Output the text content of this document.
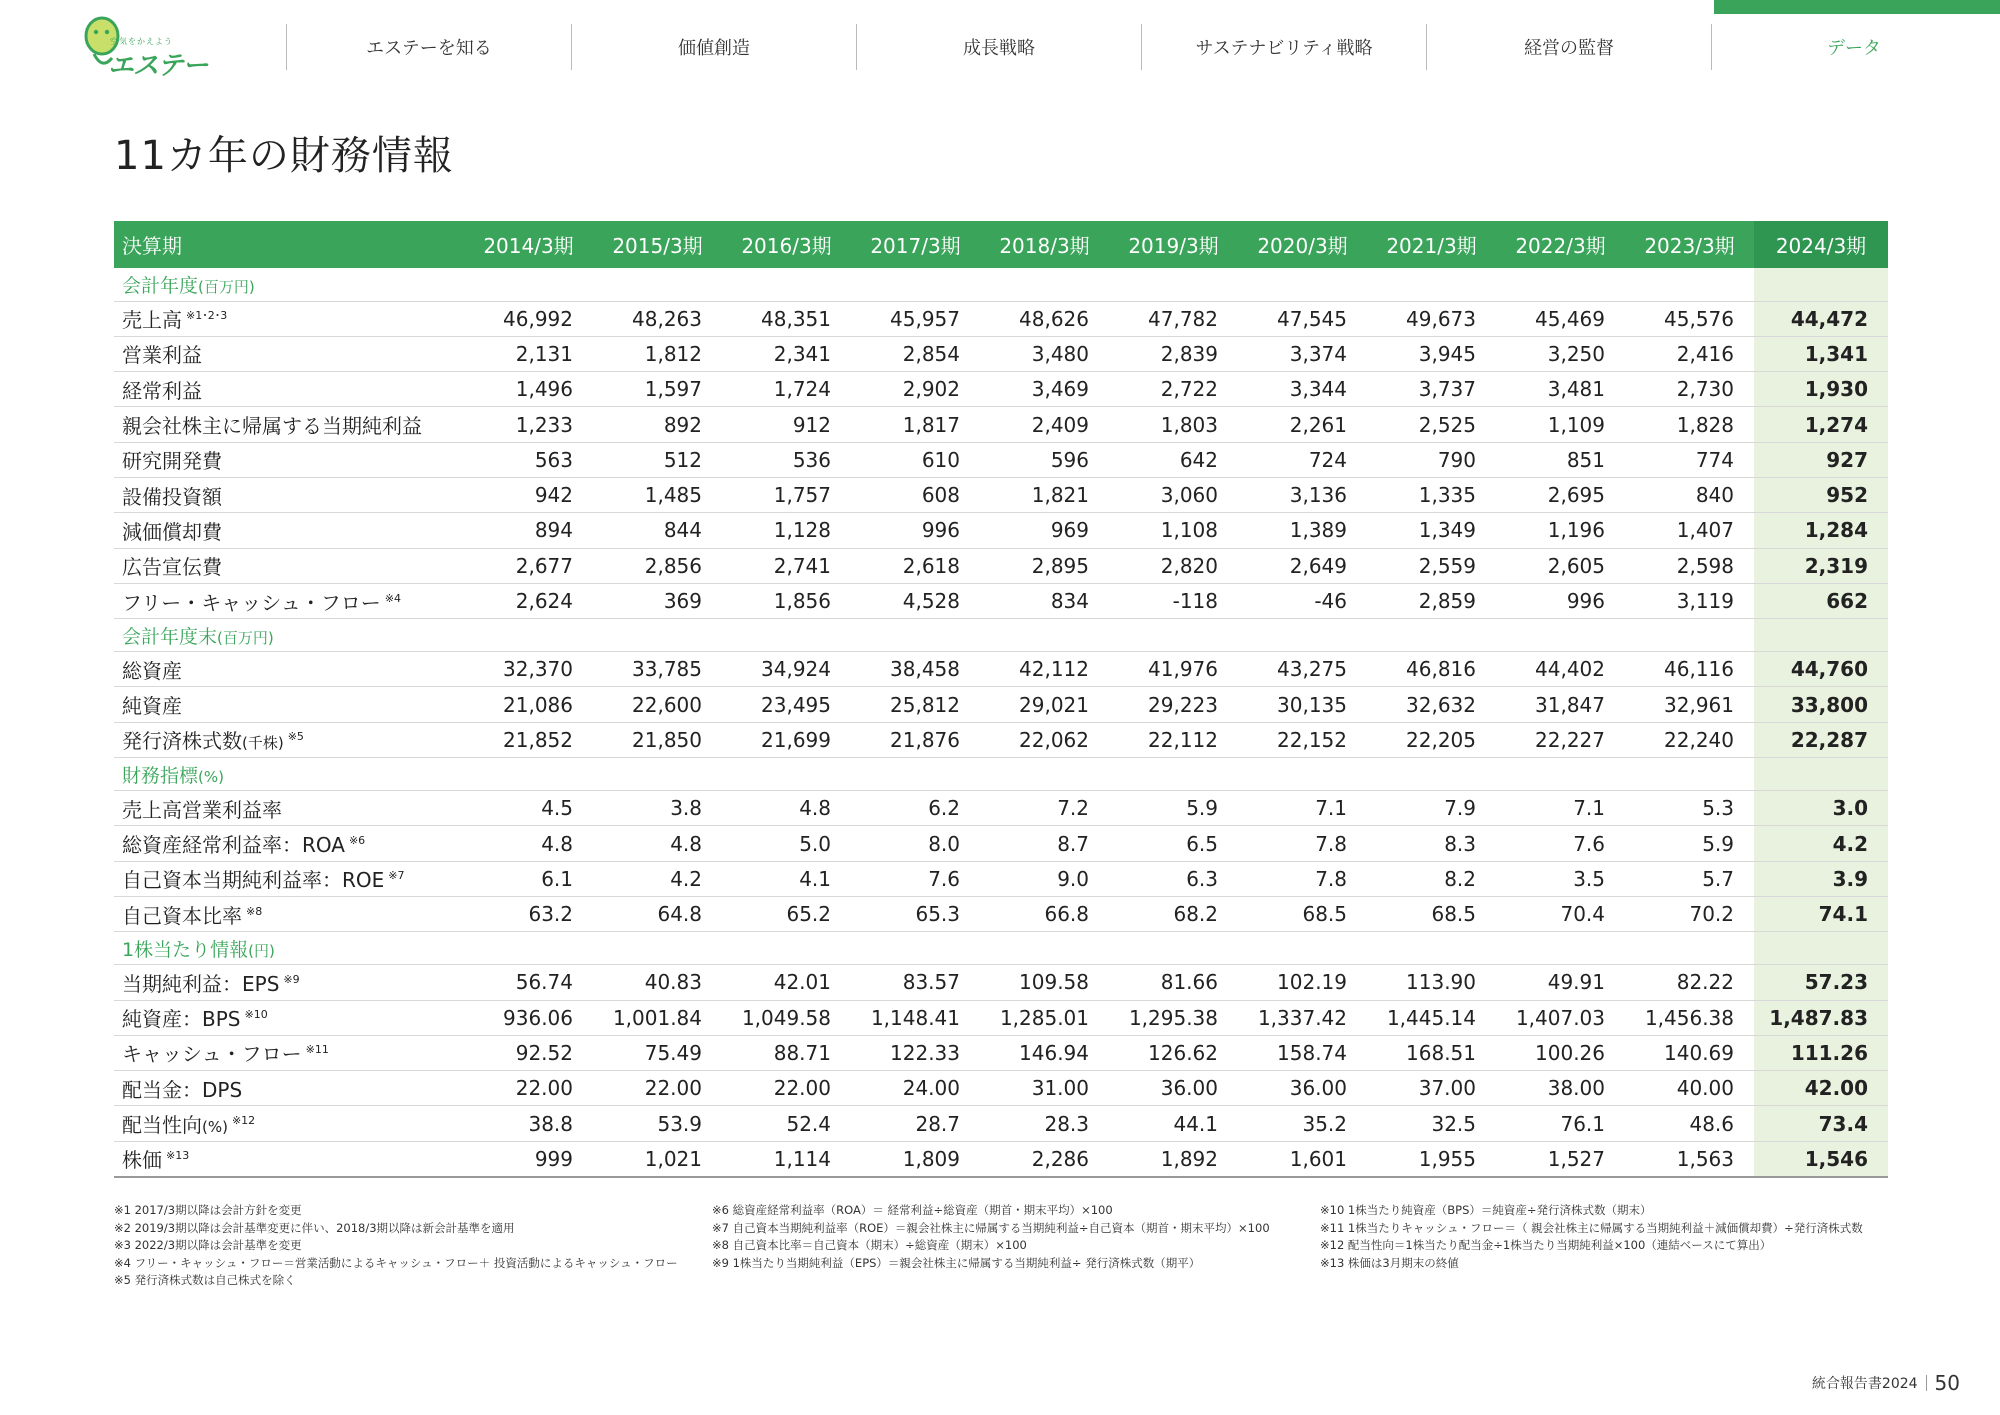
空気をかえよう
エステー
エステーを知る	価値創造	成長戦略	サステナビリティ戦略	経営の監督	データ
11カ年の財務情報
決算期	2014/3期	2015/3期	2016/3期	2017/3期	2018/3期	2019/3期	2020/3期	2021/3期	2022/3期	2023/3期	2024/3期
会計年度(百万円)											
売上高 $^{※1･2･3}$	46,992	48,263	48,351	45,957	48,626	47,782	47,545	49,673	45,469	45,576	44,472
営業利益	2,131	1,812	2,341	2,854	3,480	2,839	3,374	3,945	3,250	2,416	1,341
経常利益	1,496	1,597	1,724	2,902	3,469	2,722	3,344	3,737	3,481	2,730	1,930
親会社株主に帰属する当期純利益	1,233	892	912	1,817	2,409	1,803	2,261	2,525	1,109	1,828	1,274
研究開発費	563	512	536	610	596	642	724	790	851	774	927
設備投資額	942	1,485	1,757	608	1,821	3,060	3,136	1,335	2,695	840	952
減価償却費	894	844	1,128	996	969	1,108	1,389	1,349	1,196	1,407	1,284
広告宣伝費	2,677	2,856	2,741	2,618	2,895	2,820	2,649	2,559	2,605	2,598	2,319
フリー・キャッシュ・フロー $^{※4}$	2,624	369	1,856	4,528	834	-118	-46	2,859	996	3,119	662
会計年度末(百万円)											
総資産	32,370	33,785	34,924	38,458	42,112	41,976	43,275	46,816	44,402	46,116	44,760
純資産	21,086	22,600	23,495	25,812	29,021	29,223	30,135	32,632	31,847	32,961	33,800
発行済株式数(千株) $^{※5}$	21,852	21,850	21,699	21,876	22,062	22,112	22,152	22,205	22,227	22,240	22,287
財務指標(%)											
売上高営業利益率	4.5	3.8	4.8	6.2	7.2	5.9	7.1	7.9	7.1	5.3	3.0
総資産経常利益率：ROA $^{※6}$	4.8	4.8	5.0	8.0	8.7	6.5	7.8	8.3	7.6	5.9	4.2
自己資本当期純利益率：ROE $^{※7}$	6.1	4.2	4.1	7.6	9.0	6.3	7.8	8.2	3.5	5.7	3.9
自己資本比率 $^{※8}$	63.2	64.8	65.2	65.3	66.8	68.2	68.5	68.5	70.4	70.2	74.1
1株当たり情報(円)											
当期純利益：EPS $^{※9}$	56.74	40.83	42.01	83.57	109.58	81.66	102.19	113.90	49.91	82.22	57.23
純資産：BPS $^{※10}$	936.06	1,001.84	1,049.58	1,148.41	1,285.01	1,295.38	1,337.42	1,445.14	1,407.03	1,456.38	1,487.83
キャッシュ・フロー $^{※11}$	92.52	75.49	88.71	122.33	146.94	126.62	158.74	168.51	100.26	140.69	111.26
配当金：DPS	22.00	22.00	22.00	24.00	31.00	36.00	36.00	37.00	38.00	40.00	42.00
配当性向(%) $^{※12}$	38.8	53.9	52.4	28.7	28.3	44.1	35.2	32.5	76.1	48.6	73.4
株価 $^{※13}$	999	1,021	1,114	1,809	2,286	1,892	1,601	1,955	1,527	1,563	1,546
※1 2017/3期以降は会計方針を変更
※2 2019/3期以降は会計基準変更に伴い、2018/3期以降は新会計基準を適用
※3 2022/3期以降は会計基準を変更
※4 フリー・キャッシュ・フロー＝営業活動によるキャッシュ・フロー＋ 投資活動によるキャッシュ・フロー
※5 発行済株式数は自己株式を除く
※6 総資産経常利益率（ROA）＝ 経常利益÷総資産（期首・期末平均）×100
※7 自己資本当期純利益率（ROE）＝親会社株主に帰属する当期純利益÷自己資本（期首・期末平均）×100
※8 自己資本比率＝自己資本（期末）÷総資産（期末）×100
※9 1株当たり当期純利益（EPS）＝親会社株主に帰属する当期純利益÷ 発行済株式数（期平）
※10 1株当たり純資産（BPS）＝純資産÷発行済株式数（期末）
※11 1株当たりキャッシュ・フロー＝（ 親会社株主に帰属する当期純利益＋減価償却費）÷発行済株式数
※12 配当性向＝1株当たり配当金÷1株当たり当期純利益×100（連結ベースにて算出）
※13 株価は3月期末の終値
統合報告書2024 50
